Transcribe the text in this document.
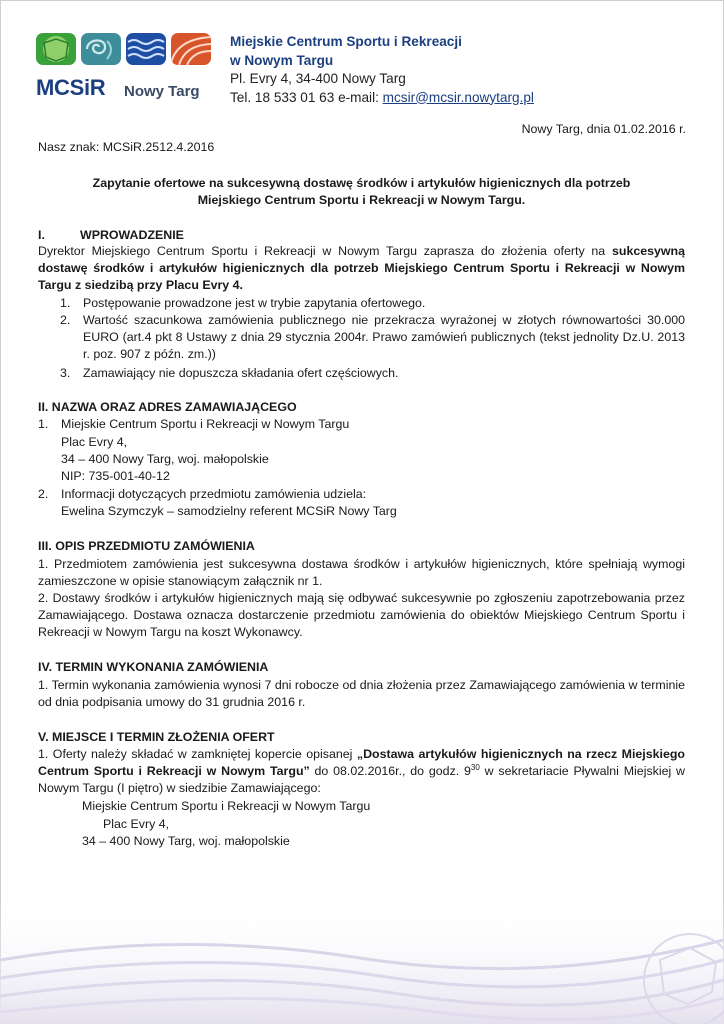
MCSiR Nowy Targ
Miejskie Centrum Sportu i Rekreacji
w Nowym Targu
Pl. Evry 4, 34-400 Nowy Targ
Tel. 18 533 01 63 e-mail: mcsir@mcsir.nowytarg.pl
Nowy Targ, dnia 01.02.2016 r.
Nasz znak: MCSiR.2512.4.2016
Zapytanie ofertowe na sukcesywną dostawę środków i artykułów higienicznych dla potrzeb
Miejskiego Centrum Sportu i Rekreacji w Nowym Targu.
I.	WPROWADZENIE
Dyrektor Miejskiego Centrum Sportu i Rekreacji w Nowym Targu zaprasza do złożenia oferty na sukcesywną dostawę środków i artykułów higienicznych dla potrzeb Miejskiego Centrum Sportu i Rekreacji w Nowym Targu z siedzibą przy Placu Evry 4.
1. Postępowanie prowadzone jest w trybie zapytania ofertowego.
2. Wartość szacunkowa zamówienia publicznego nie przekracza wyrażonej w złotych równowartości 30.000 EURO (art.4 pkt 8 Ustawy z dnia 29 stycznia 2004r. Prawo zamówień publicznych (tekst jednolity Dz.U. 2013 r. poz. 907 z późn. zm.))
3. Zamawiający nie dopuszcza składania ofert częściowych.
II. NAZWA ORAZ ADRES ZAMAWIAJĄCEGO
1. Miejskie Centrum Sportu i Rekreacji w Nowym Targu
Plac Evry 4,
34 – 400 Nowy Targ, woj. małopolskie
NIP: 735-001-40-12
2. Informacji dotyczących przedmiotu zamówienia udziela:
Ewelina Szymczyk – samodzielny referent MCSiR Nowy Targ
III. OPIS PRZEDMIOTU ZAMÓWIENIA
1. Przedmiotem zamówienia jest sukcesywna dostawa środków i artykułów higienicznych, które spełniają wymogi zamieszczone w opisie stanowiącym załącznik nr 1.
2. Dostawy środków i artykułów higienicznych mają się odbywać sukcesywnie po zgłoszeniu zapotrzebowania przez Zamawiającego. Dostawa oznacza dostarczenie przedmiotu zamówienia do obiektów Miejskiego Centrum Sportu i Rekreacji w Nowym Targu na koszt Wykonawcy.
IV. TERMIN WYKONANIA ZAMÓWIENIA
1. Termin wykonania zamówienia wynosi 7 dni robocze od dnia złożenia przez Zamawiającego zamówienia w terminie od dnia podpisania umowy do 31 grudnia 2016 r.
V. MIEJSCE I TERMIN ZŁOŻENIA OFERT
1. Oferty należy składać w zamkniętej kopercie opisanej „Dostawa artykułów higienicznych na rzecz Miejskiego Centrum Sportu i Rekreacji w Nowym Targu” do 08.02.2016r., do godz. $9^{30}$ w sekretariacie Pływalni Miejskiej w Nowym Targu (I piętro) w siedzibie Zamawiającego:
Miejskie Centrum Sportu i Rekreacji w Nowym Targu
Plac Evry 4,
34 – 400 Nowy Targ, woj. małopolskie
